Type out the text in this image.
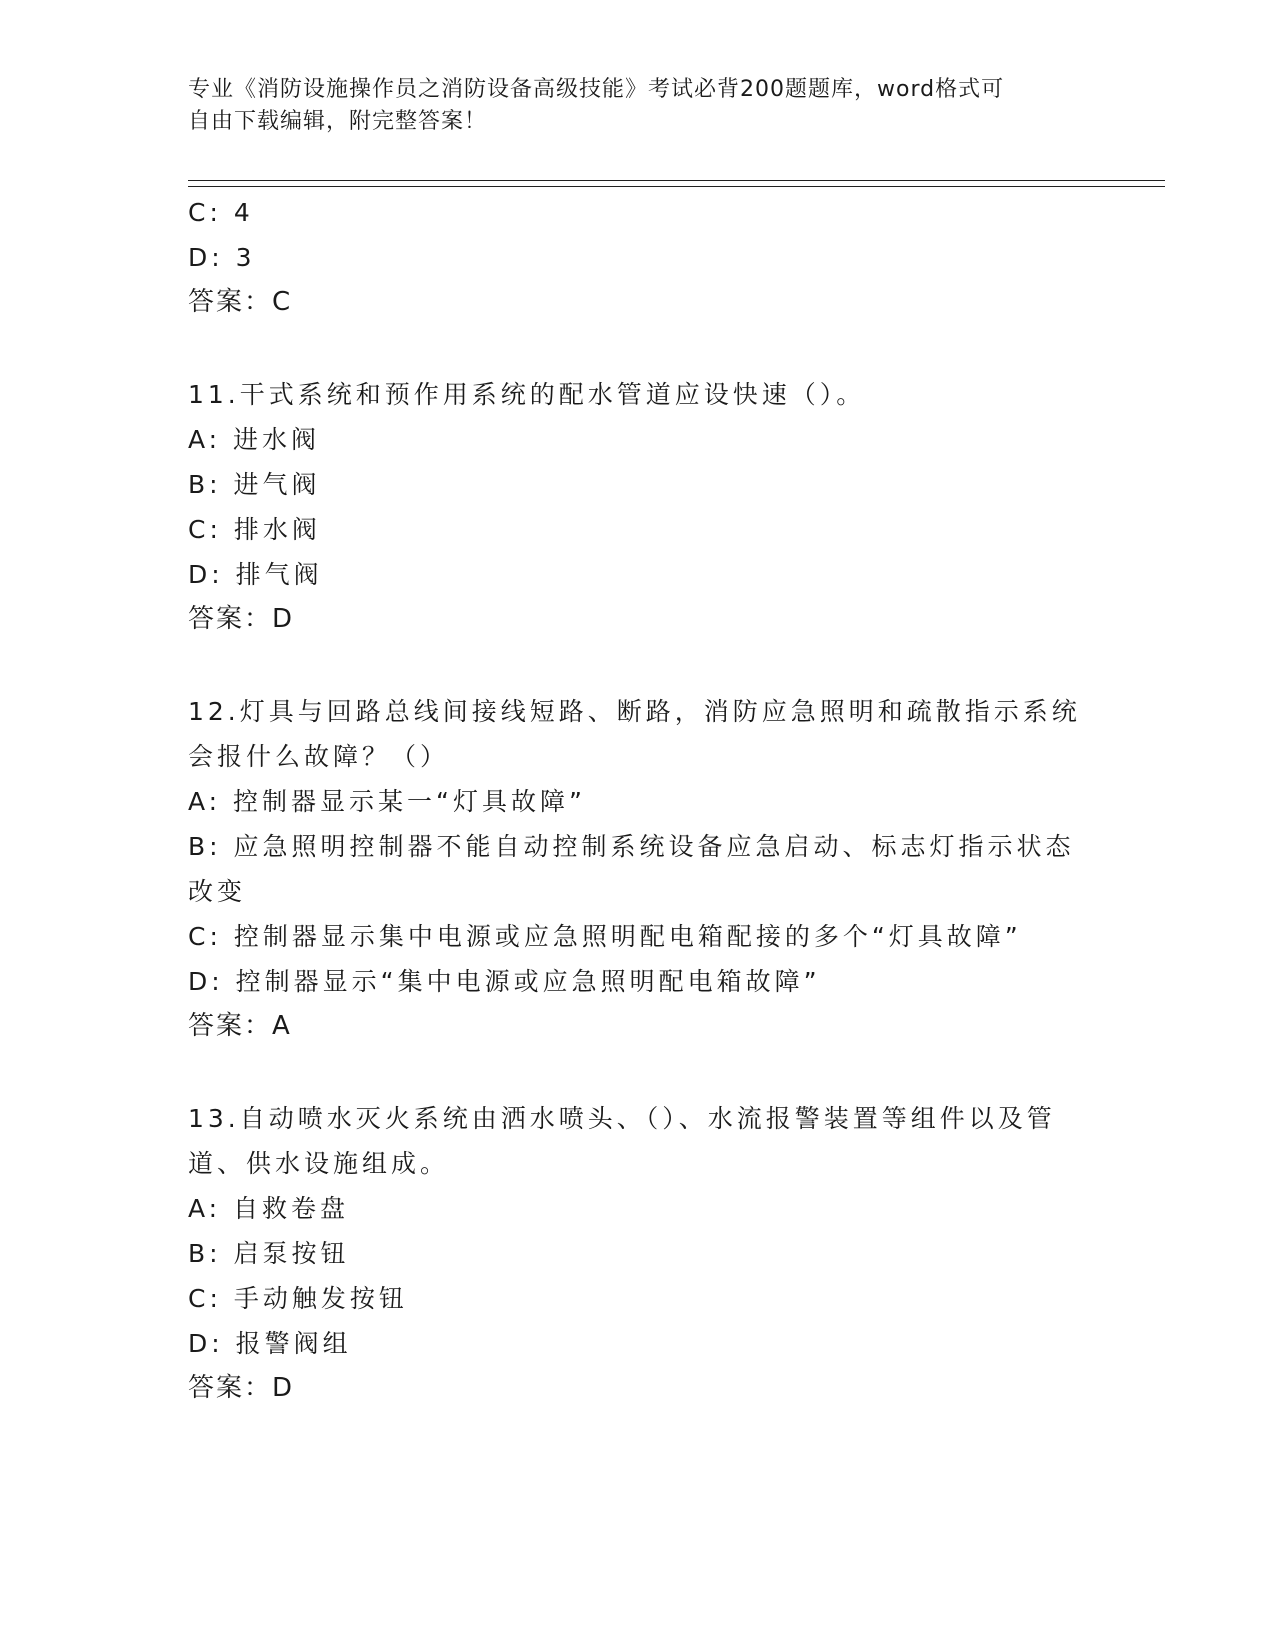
专业《消防设施操作员之消防设备高级技能》考试必背200题题库，word格式可
自由下载编辑，附完整答案！
C: 4
D: 3
答案：C
11.干式系统和预作用系统的配水管道应设快速（）。
A: 进水阀
B: 进气阀
C: 排水阀
D: 排气阀
答案：D
12.灯具与回路总线间接线短路、断路，消防应急照明和疏散指示系统
会报什么故障？（）
A: 控制器显示某一“灯具故障”
B: 应急照明控制器不能自动控制系统设备应急启动、标志灯指示状态
改变
C: 控制器显示集中电源或应急照明配电箱配接的多个“灯具故障”
D: 控制器显示“集中电源或应急照明配电箱故障”
答案：A
13.自动喷水灭火系统由洒水喷头、（）、水流报警装置等组件以及管
道、供水设施组成。
A: 自救卷盘
B: 启泵按钮
C: 手动触发按钮
D: 报警阀组
答案：D
